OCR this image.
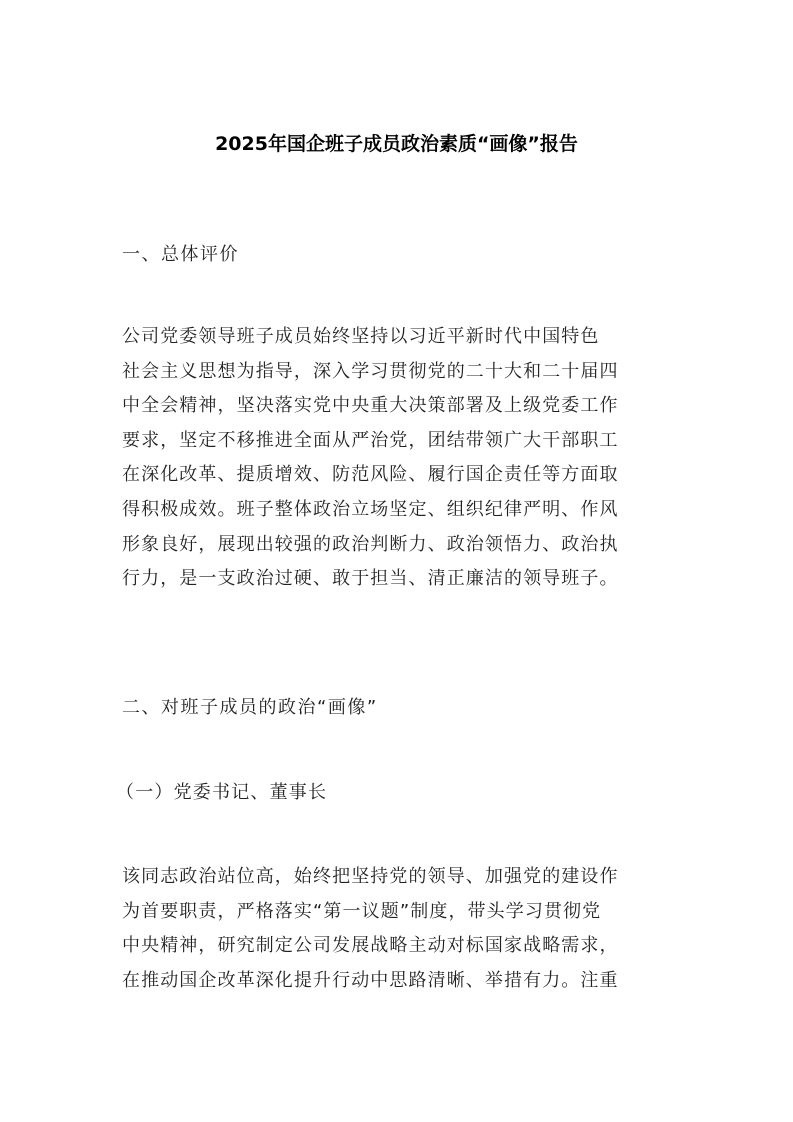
2025年国企班子成员政治素质“画像”报告
一、总体评价
公司党委领导班子成员始终坚持以习近平新时代中国特色
社会主义思想为指导，深入学习贯彻党的二十大和二十届四
中全会精神，坚决落实党中央重大决策部署及上级党委工作
要求，坚定不移推进全面从严治党，团结带领广大干部职工
在深化改革、提质增效、防范风险、履行国企责任等方面取
得积极成效。班子整体政治立场坚定、组织纪律严明、作风
形象良好，展现出较强的政治判断力、政治领悟力、政治执
行力，是一支政治过硬、敢于担当、清正廉洁的领导班子。
二、对班子成员的政治“画像”
（一）党委书记、董事长
该同志政治站位高，始终把坚持党的领导、加强党的建设作
为首要职责，严格落实“第一议题”制度，带头学习贯彻党
中央精神，研究制定公司发展战略主动对标国家战略需求，
在推动国企改革深化提升行动中思路清晰、举措有力。注重
